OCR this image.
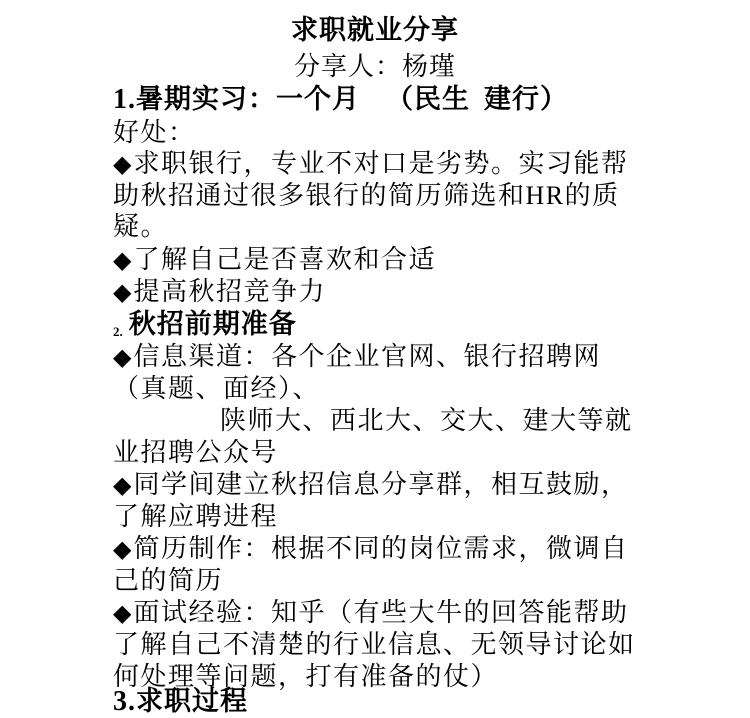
求职就业分享
分享人：杨瑾
1.暑期实习：一个月 （民生 建行）
好处：
◆求职银行，专业不对口是劣势。实习能帮
助秋招通过很多银行的简历筛选和HR的质
疑。
◆了解自己是否喜欢和合适
◆提高秋招竞争力
2. 秋招前期准备
◆信息渠道：各个企业官网、银行招聘网
（真题、面经）、
陕师大、西北大、交大、建大等就
业招聘公众号
◆同学间建立秋招信息分享群，相互鼓励，
了解应聘进程
◆简历制作：根据不同的岗位需求，微调自
己的简历
◆面试经验：知乎（有些大牛的回答能帮助
了解自己不清楚的行业信息、无领导讨论如
何处理等问题，打有准备的仗）
3.求职过程
